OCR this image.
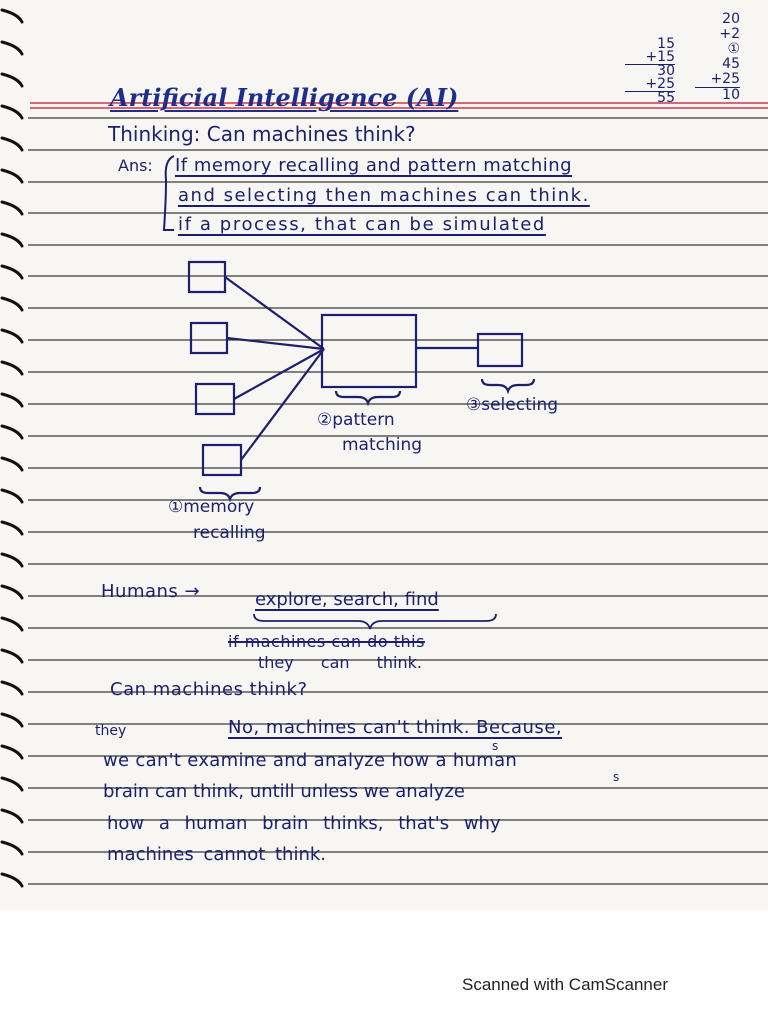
15
+15
30
+25
55
20
+2
①
45
+25
10
Artificial Intelligence (AI)
Thinking: Can machines think?
Ans: If memory recalling and pattern matching
and selecting then machines can think.
if a process, that can be simulated
①memory
recalling
②pattern
matching
③selecting
Humans →	explore, search, find
if machines can do this
they can think.
Can machines think?
No, machines can't think. Because,
they
s
we can't examine and analyze how a human
s
brain can think, untill unless we analyze
how a human brain thinks, that's why
machines cannot think.
Scanned with CamScanner
